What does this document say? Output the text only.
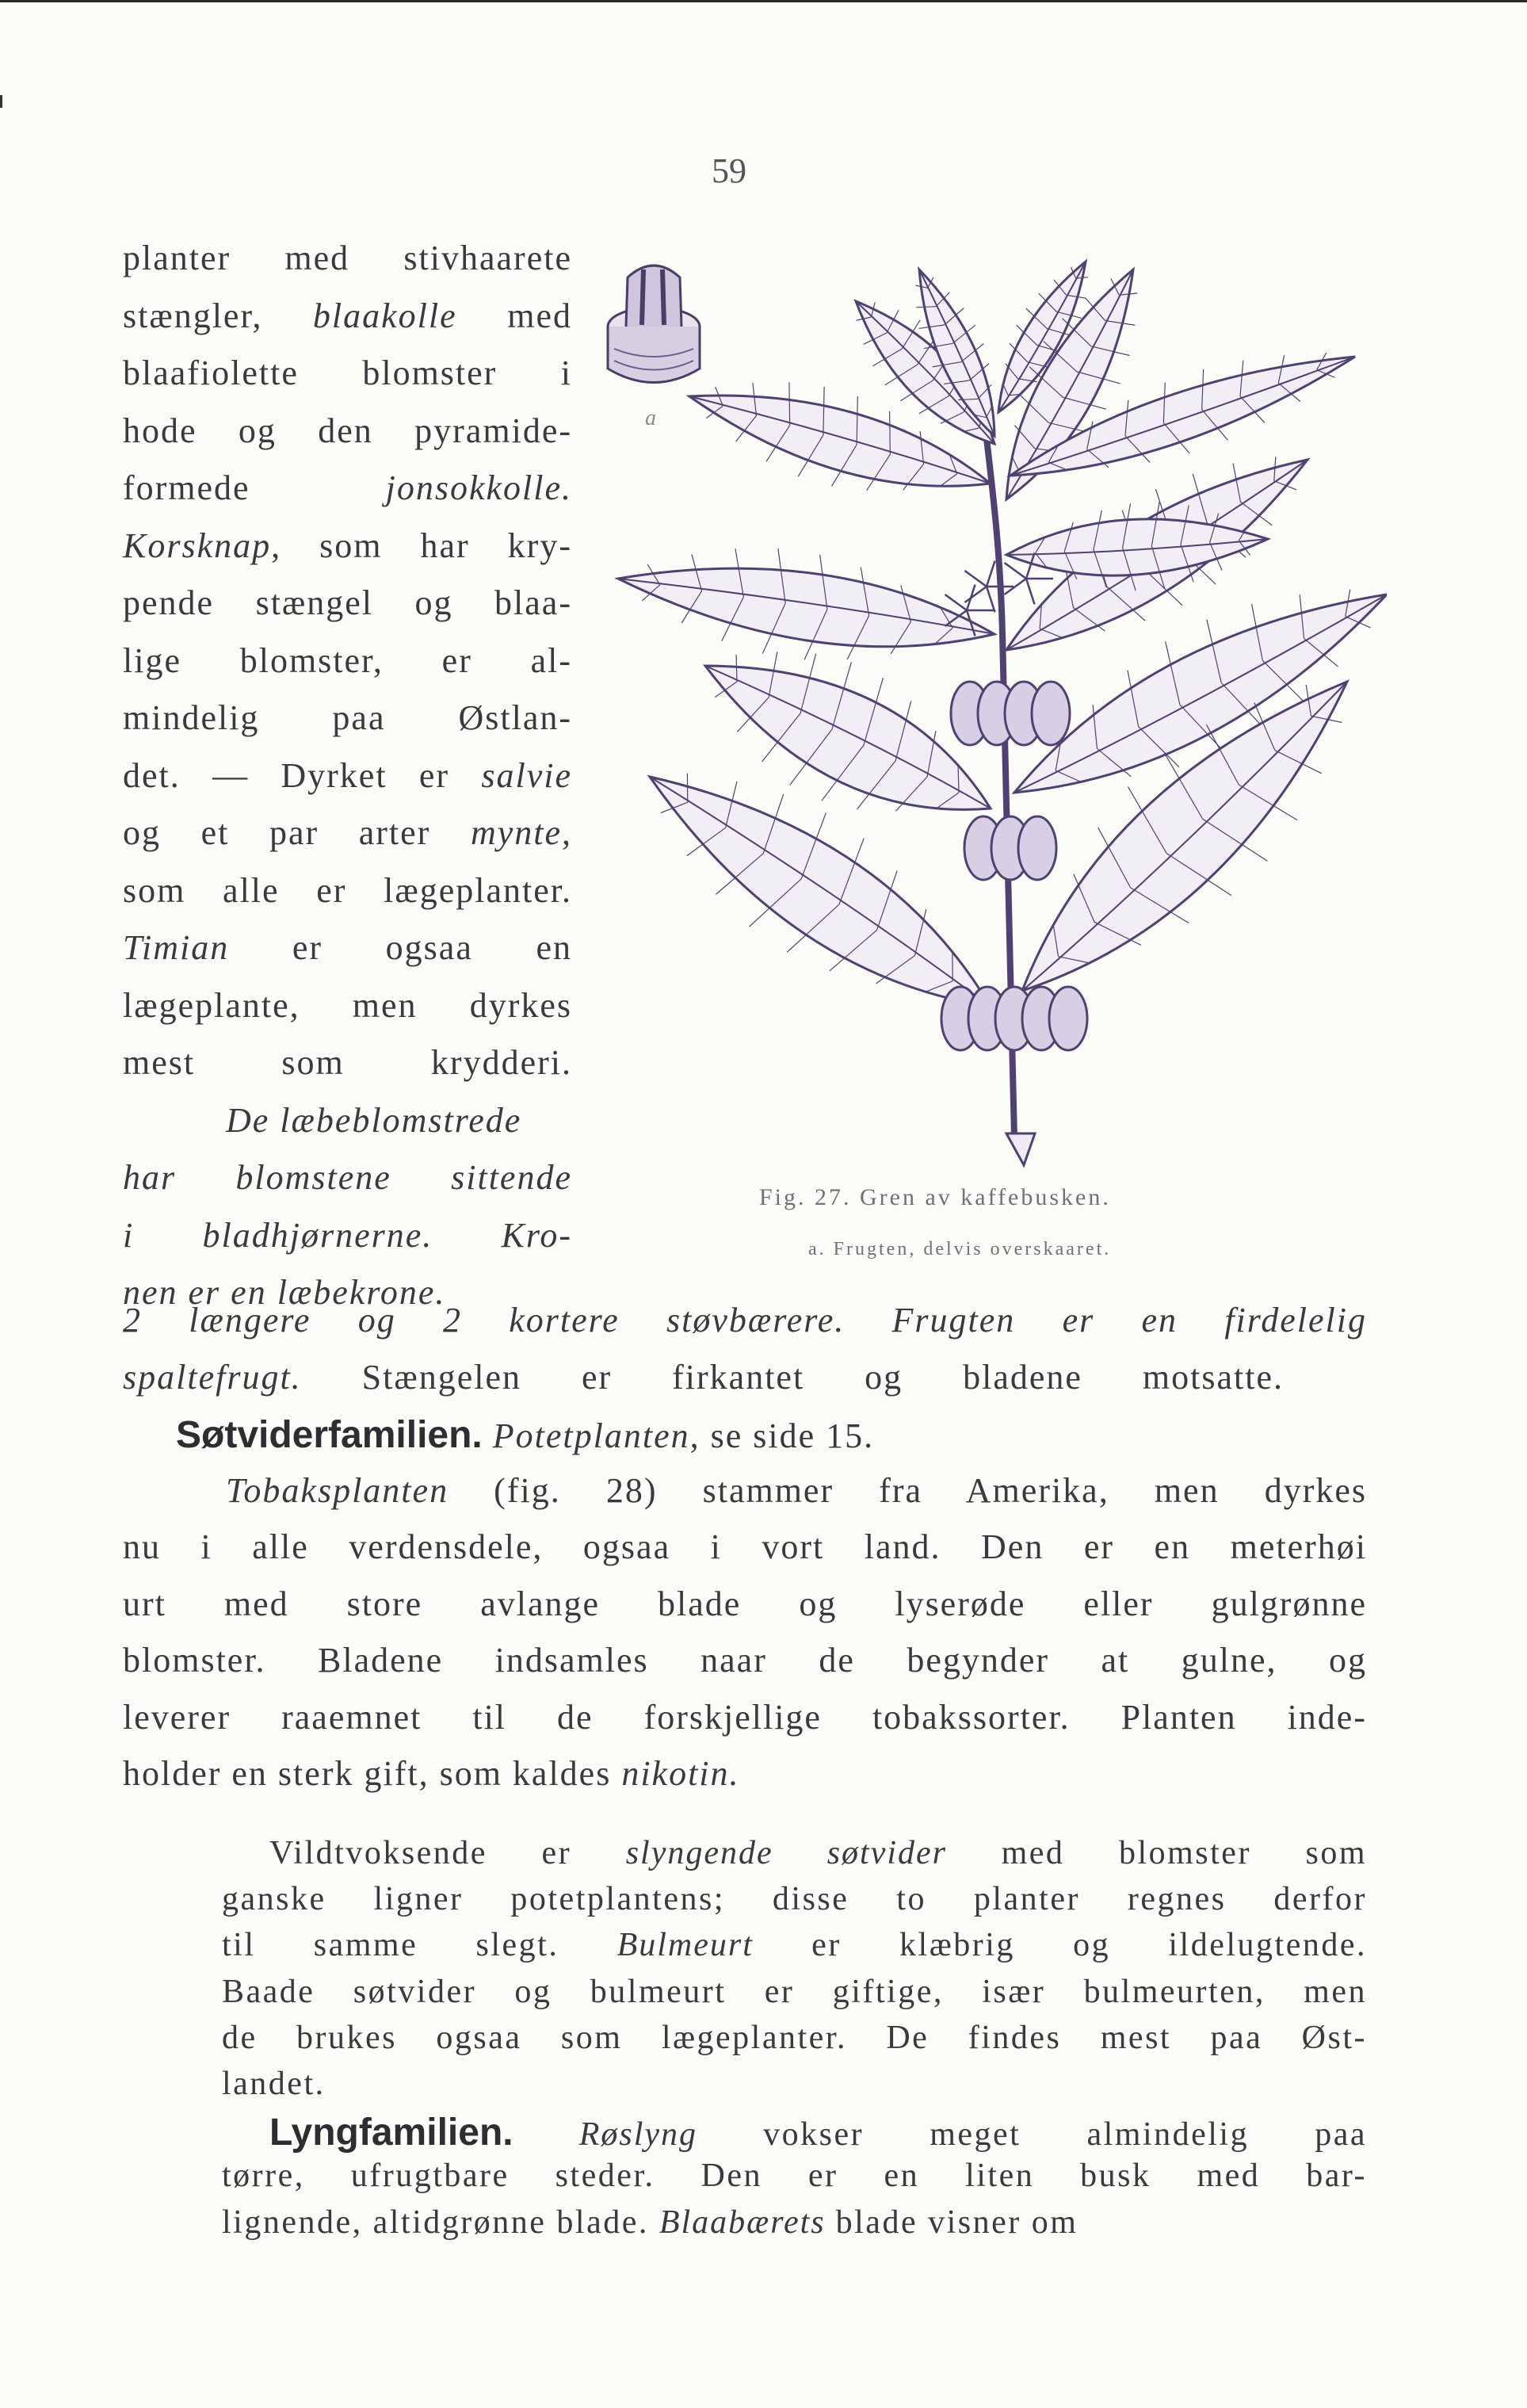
59
planter med stivhaarete
stængler, blaakolle med
blaafiolette blomster i
hode og den pyramide-
formede jonsokkolle.
Korsknap, som har kry-
pende stængel og blaa-
lige blomster, er al-
mindelig paa Østlan-
det. — Dyrket er salvie
og et par arter mynte,
som alle er lægeplanter.
Timian er ogsaa en
lægeplante, men dyrkes
mest som krydderi.
De læbeblomstrede
har blomstene sittende
i bladhjørnerne. Kro-
nen er en læbekrone.
a
Fig. 27. Gren av kaffebusken.
a. Frugten, delvis overskaaret.
2 længere og 2 kortere støvbærere. Frugten er en firdelelig
spaltefrugt. Stængelen er firkantet og bladene motsatte.
Søtviderfamilien. Potetplanten, se side 15.
Tobaksplanten (fig. 28) stammer fra Amerika, men dyrkes
nu i alle verdensdele, ogsaa i vort land. Den er en meterhøi
urt med store avlange blade og lyserøde eller gulgrønne
blomster. Bladene indsamles naar de begynder at gulne, og
leverer raaemnet til de forskjellige tobakssorter. Planten inde-
holder en sterk gift, som kaldes nikotin.
Vildtvoksende er slyngende søtvider med blomster som
ganske ligner potetplantens; disse to planter regnes derfor
til samme slegt. Bulmeurt er klæbrig og ildelugtende.
Baade søtvider og bulmeurt er giftige, især bulmeurten, men
de brukes ogsaa som lægeplanter. De findes mest paa Øst-
landet.
Lyngfamilien. Røslyng vokser meget almindelig paa
tørre, ufrugtbare steder. Den er en liten busk med bar-
lignende, altidgrønne blade. Blaabærets blade visner om
